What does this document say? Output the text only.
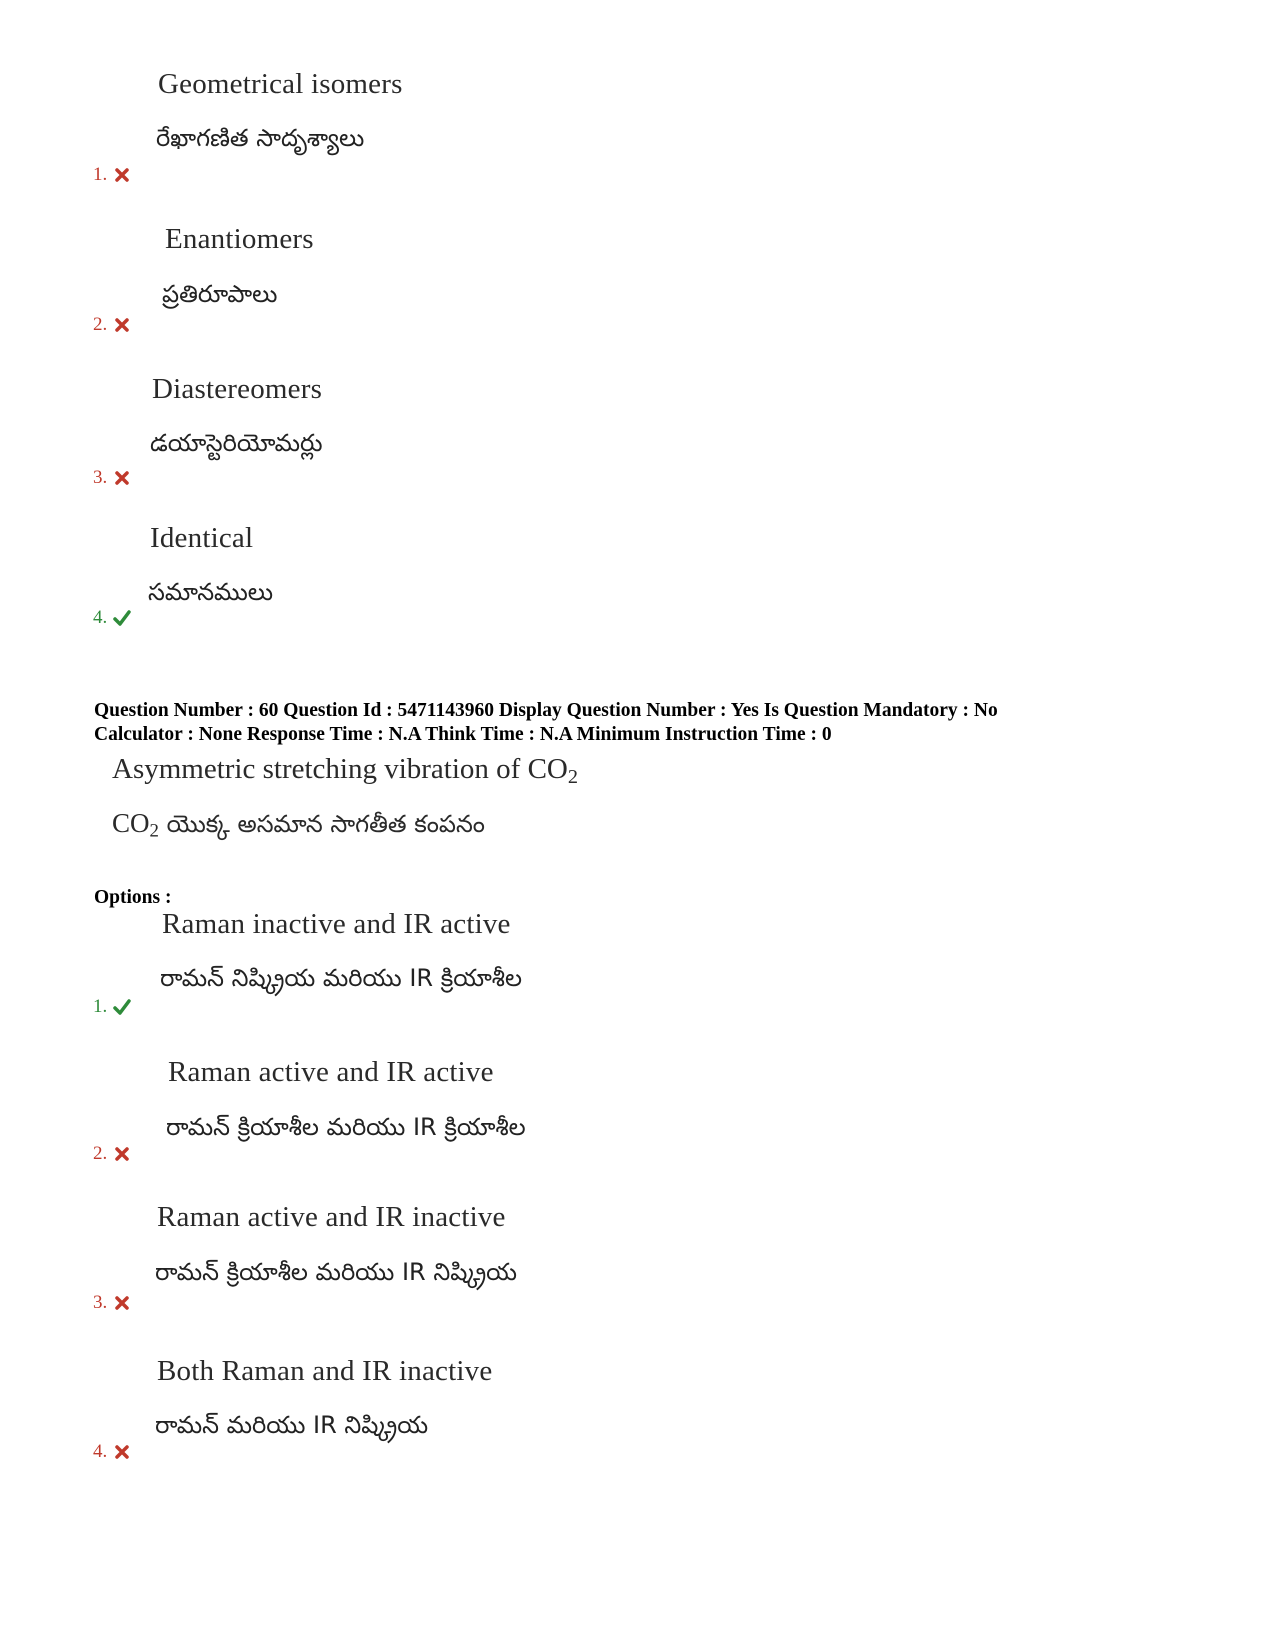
Geometrical isomers
రేఖాగణిత సాదృశ్యాలు
1.
Enantiomers
ప్రతిరూపాలు
2.
Diastereomers
డయాస్టెరియోమర్లు
3.
Identical
సమానములు
4.
Question Number : 60 Question Id : 5471143960 Display Question Number : Yes Is Question Mandatory : No
Calculator : None Response Time : N.A Think Time : N.A Minimum Instruction Time : 0
Asymmetric stretching vibration of $CO_2$
$CO_2$ యొక్క అసమాన సాగతీత కంపనం
Options :
Raman inactive and IR active
రామన్ నిష్క్రియ మరియు IR క్రియాశీల
1.
Raman active and IR active
రామన్ క్రియాశీల మరియు IR క్రియాశీల
2.
Raman active and IR inactive
రామన్ క్రియాశీల మరియు IR నిష్క్రియ
3.
Both Raman and IR inactive
రామన్ మరియు IR నిష్క్రియ
4.
